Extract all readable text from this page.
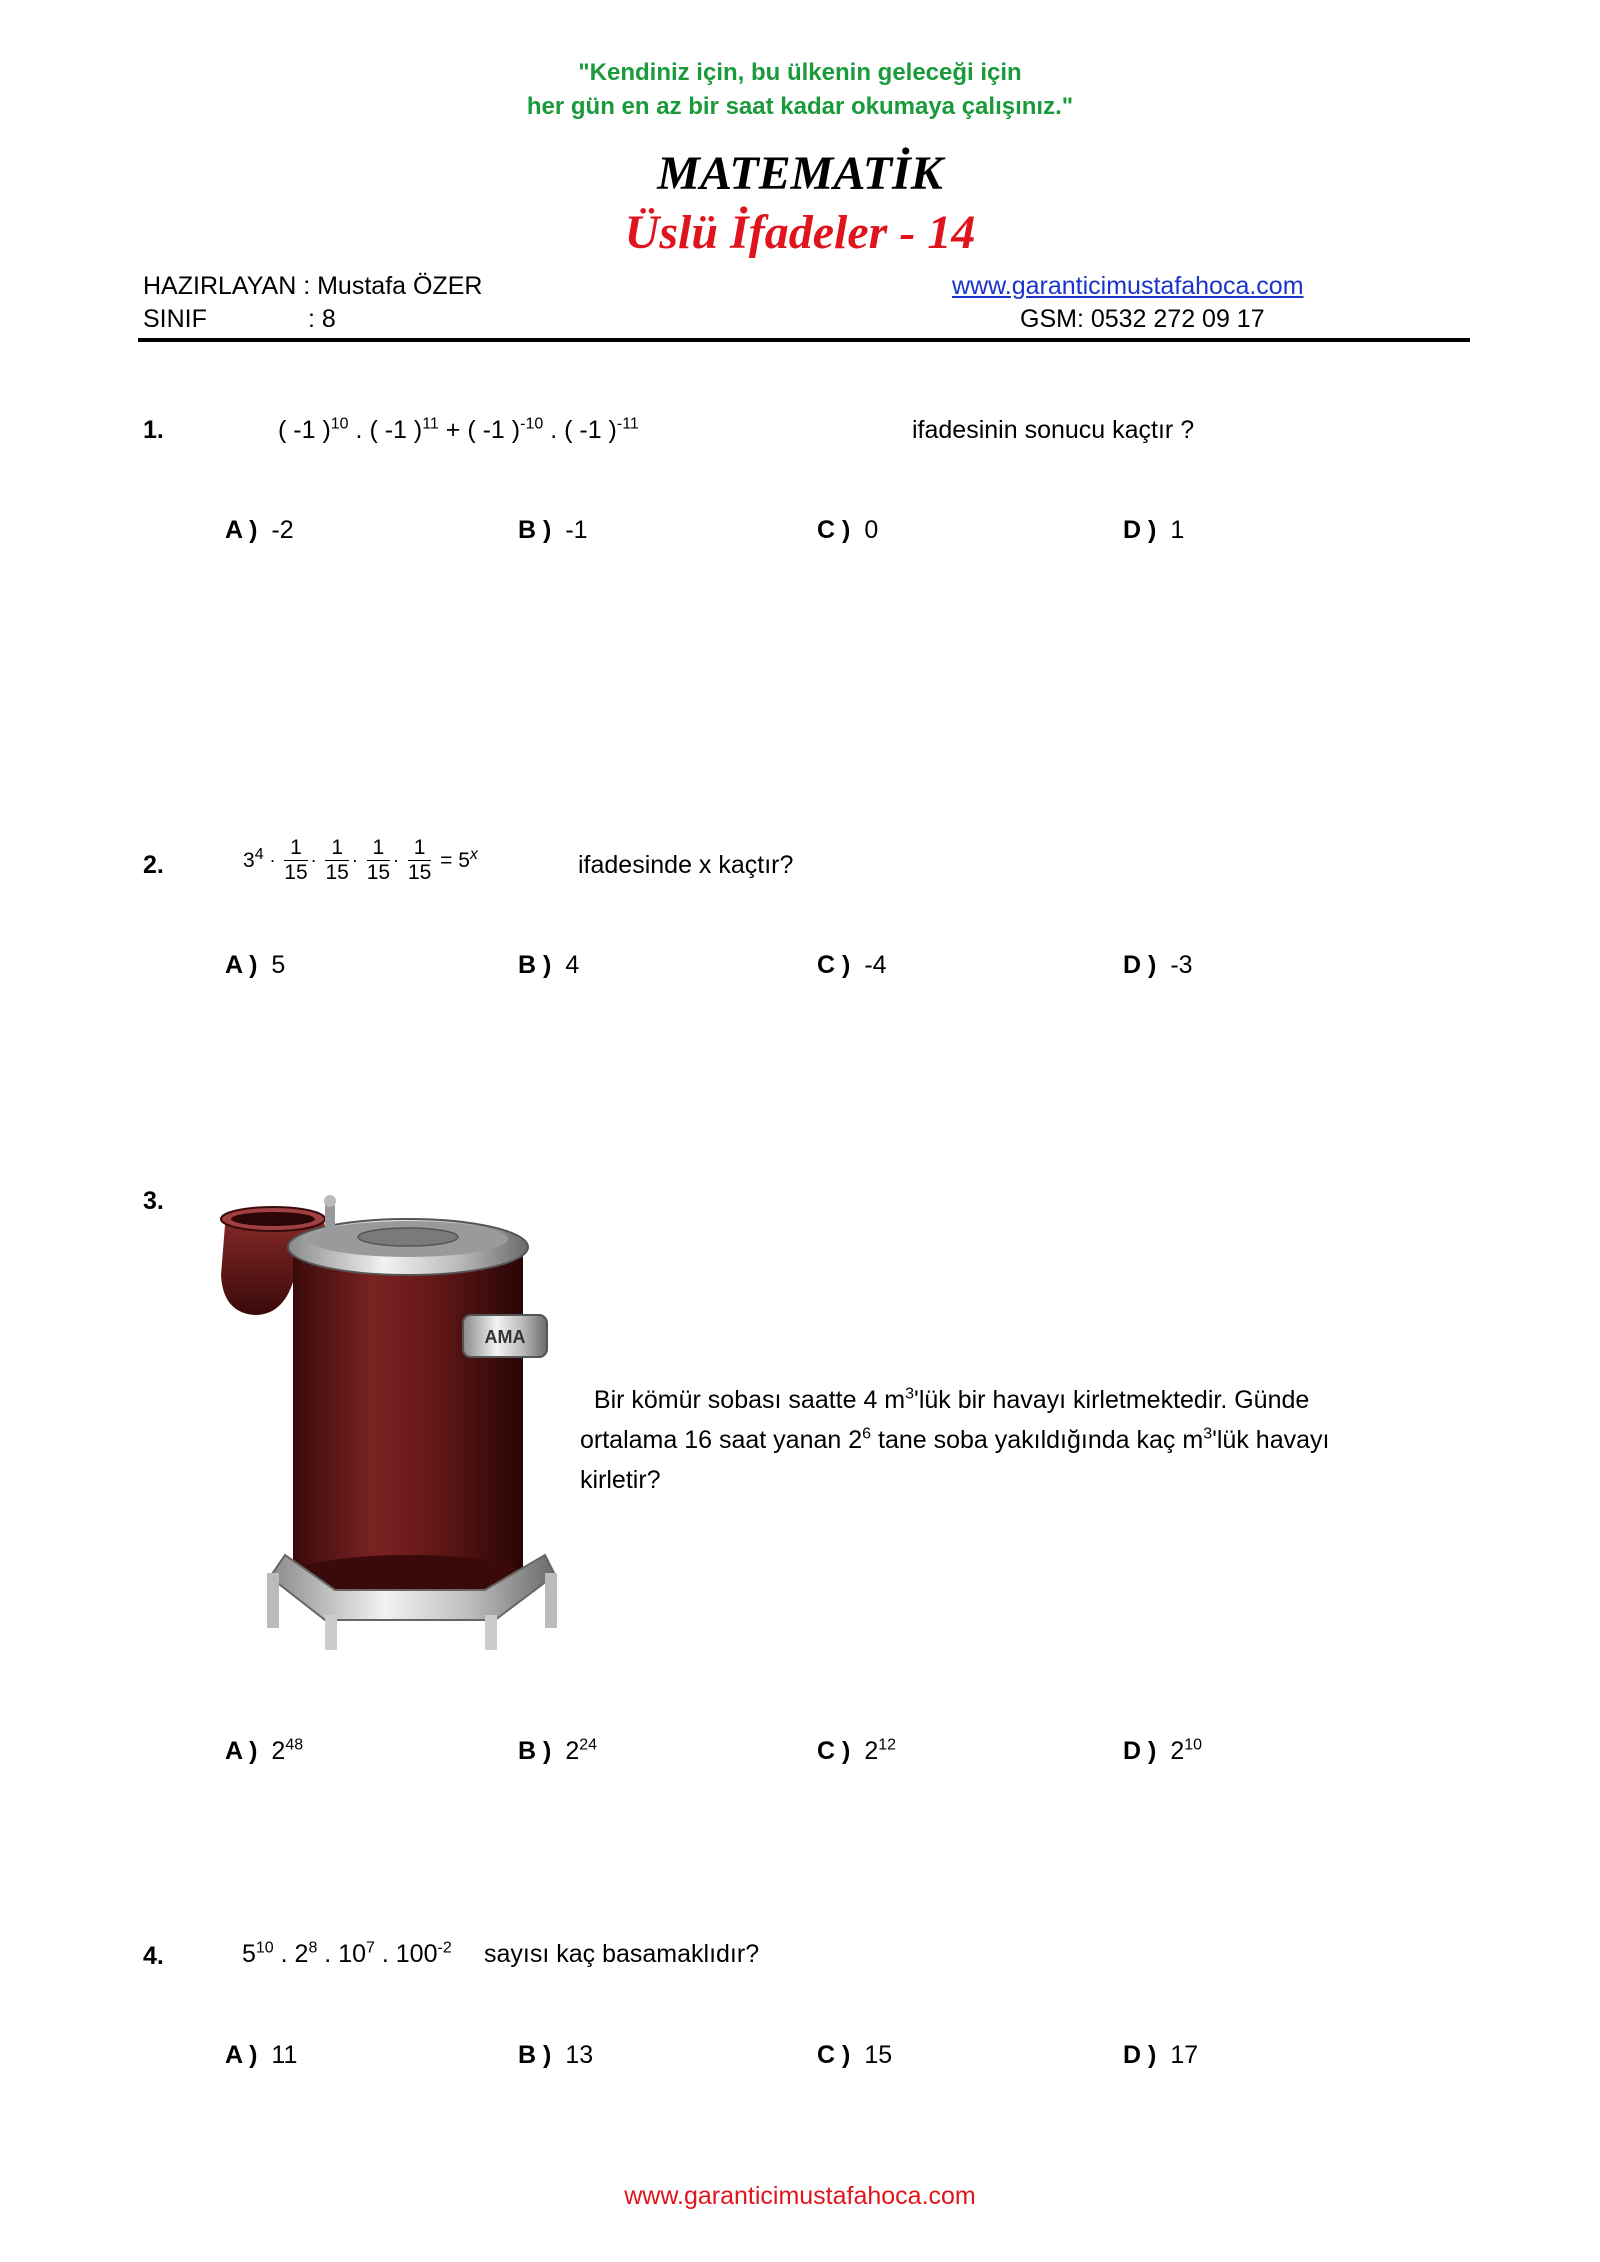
"Kendiniz için, bu ülkenin geleceği için
her gün en az bir saat kadar okumaya çalışınız."
MATEMATİK
Üslü İfadeler - 14
HAZIRLAYAN : Mustafa ÖZER
SINIF	: 8
www.garanticimustafahoca.com
GSM: 0532 272 09 17
1.	( -1 )$^{10}$ . ( -1 )$^{11}$ + ( -1 )$^{-10}$ . ( -1 )$^{-11}$	ifadesinin sonucu kaçtır ?
A ) -2	B ) -1	C ) 0	D ) 1
2.	$3^4 \cdot \frac{1}{15} \cdot \frac{1}{15} \cdot \frac{1}{15} \cdot \frac{1}{15} = 5^x$	ifadesinde x kaçtır?
A ) 5	B ) 4	C ) -4	D ) -3
3.
AMA
Bir kömür sobası saatte 4 $m^3'lük$ bir havayı kirletmektedir. Günde
ortalama 16 saat yanan $2^6$ tane soba yakıldığında kaç $m^3'lük$ havayı
kirletir?
A ) $2^{48}$	B ) $2^{24}$	C ) $2^{12}$	D ) $2^{10}$
4.	$5^{10}$ . $2^8$ . $10^7$ . $100^{-2}$ sayısı kaç basamaklıdır?
A ) 11	B ) 13	C ) 15	D ) 17
www.garanticimustafahoca.com
